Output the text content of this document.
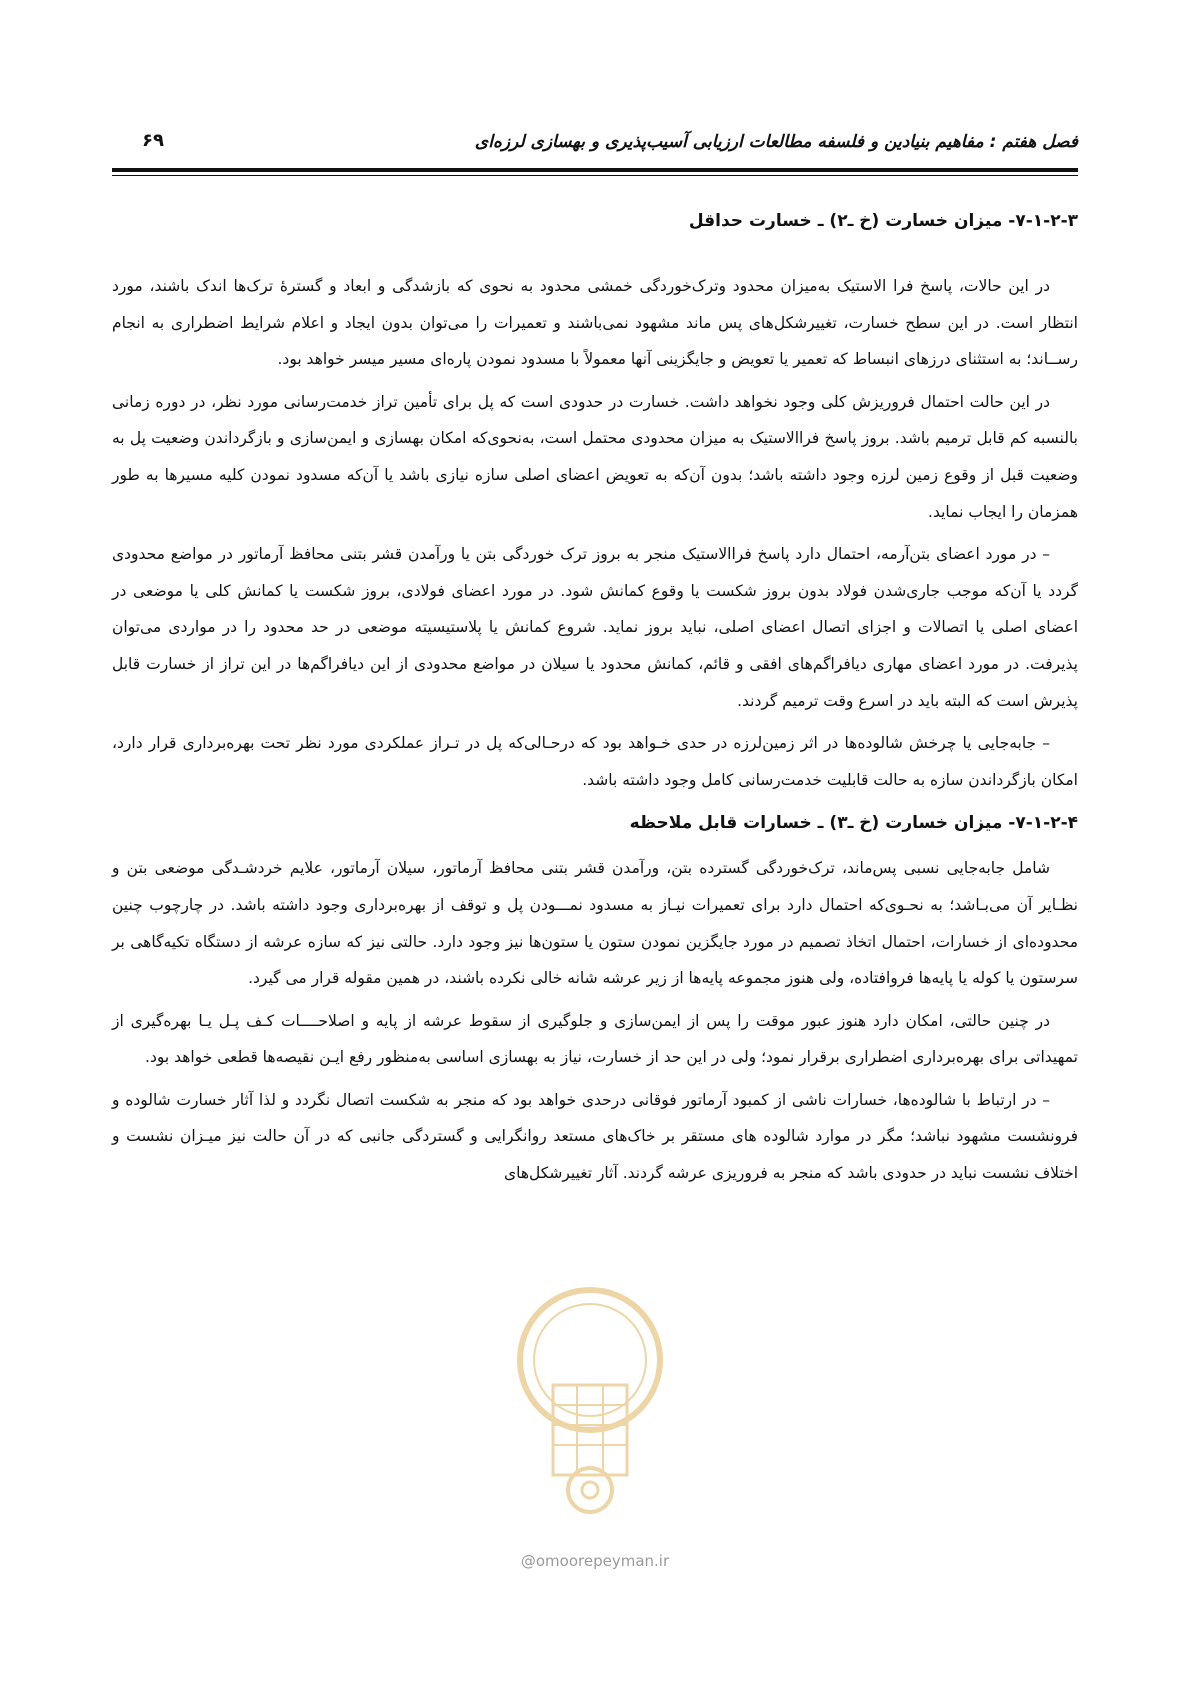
فصل هفتم : مفاهیم بنیادین و فلسفه مطالعات ارزیابی آسیب‌پذیری و بهسازی لرزه‌ای
۶۹
۷-۱-۲-۳- میزان خسارت (خ ـ۲) ـ خسارت حداقل

در این حالات، پاسخ فرا الاستیک به‌میزان محدود وترک‌خوردگی خمشی محدود به نحوی که بازشدگی و ابعاد و گسترهٔ ترک‌ها اندک باشند، مورد انتظار است. در این سطح خسارت، تغییرشکل‌های پس ماند مشهود نمی‌باشند و تعمیرات را می‌توان بدون ایجاد و اعلام شرایط اضطراری به انجام رســاند؛ به استثنای درزهای انبساط که تعمیر یا تعویض و جایگزینی آنها معمولاً با مسدود نمودن پاره‌ای مسیر میسر خواهد بود.

در این حالت احتمال فروریزش کلی وجود نخواهد داشت. خسارت در حدودی است که پل برای تأمین تراز خدمت‌رسانی مورد نظر، در دوره زمانی بالنسبه کم قابل ترمیم باشد. بروز پاسخ فراالاستیک به میزان محدودی محتمل است، به‌نحوی‌که امکان بهسازی و ایمن‌سازی و بازگرداندن وضعیت پل به وضعیت قبل از وقوع زمین لرزه وجود داشته باشد؛ بدون آن‌که به تعویض اعضای اصلی سازه نیازی باشد یا آن‌که مسدود نمودن کلیه مسیرها به طور همزمان را ایجاب نماید.

– در مورد اعضای بتن‌آرمه، احتمال دارد پاسخ فراالاستیک منجر به بروز ترک خوردگی بتن یا ورآمدن قشر بتنی محافظ آرماتور در مواضع محدودی گردد یا آن‌که موجب جاری‌شدن فولاد بدون بروز شکست یا وقوع کمانش شود. در مورد اعضای فولادی، بروز شکست یا کمانش کلی یا موضعی در اعضای اصلی یا اتصالات و اجزای اتصال اعضای اصلی، نباید بروز نماید. شروع کمانش یا پلاستیسیته موضعی در حد محدود را در مواردی می‌توان پذیرفت. در مورد اعضای مهاری دیافراگم‌های افقی و قائم، کمانش محدود یا سیلان در مواضع محدودی از این دیافراگم‌ها در این تراز از خسارت قابل پذیرش است که البته باید در اسرع وقت ترمیم گردند.

– جابه‌جایی یا چرخش شالوده‌ها در اثر زمین‌لرزه در حدی خـواهد بود که درحـالی‌که پل در تـراز عملکردی مورد نظر تحت بهره‌برداری قرار دارد، امکان بازگرداندن سازه به حالت قابلیت خدمت‌رسانی کامل وجود داشته باشد.

۷-۱-۲-۴- میزان خسارت (خ ـ۳) ـ خسارات قابل ملاحظه

شامل جابه‌جایی نسبی پس‌ماند، ترک‌خوردگی گسترده بتن، ورآمدن قشر بتنی محافظ آرماتور، سیلان آرماتور، علایم خردشـدگی موضعی بتن و نظـایر آن می‌بـاشد؛ به نحـوی‌که احتمال دارد برای تعمیرات نیـاز به مسدود نمـــودن پل و توقف از بهره‌برداری وجود داشته باشد. در چارچوب چنین محدوده‌ای از خسارات، احتمال اتخاذ تصمیم در مورد جایگزین نمودن ستون یا ستون‌ها نیز وجود دارد. حالتی نیز که سازه عرشه از دستگاه تکیه‌گاهی بر سرستون یا کوله یا پایه‌ها فروافتاده، ولی هنوز مجموعه پایه‌ها از زیر عرشه شانه خالی نکرده باشند، در همین مقوله قرار می گیرد.

در چنین حالتی، امکان دارد هنوز عبور موقت را پس از ایمن‌سازی و جلوگیری از سقوط عرشه از پایه و اصلاحــــات کـف پـل یـا بهره‌گیری از تمهیداتی برای بهره‌برداری اضطراری برقرار نمود؛ ولی در این حد از خسارت، نیاز به بهسازی اساسی به‌منظور رفع ایـن نقیصه‌ها قطعی خواهد بود.

– در ارتباط با شالوده‌ها، خسارات ناشی از کمبود آرماتور فوقانی درحدی خواهد بود که منجر به شکست اتصال نگردد و لذا آثار خسارت شالوده و فرونشست مشهود نباشد؛ مگر در موارد شالوده های مستقر بر خاک‌های مستعد روانگرایی و گستردگی جانبی که در آن حالت نیز میـزان نشست و اختلاف نشست نباید در حدودی باشد که منجر به فروریزی عرشه گردند. آثار تغییرشکل‌های

@omoorepeyman.ir
